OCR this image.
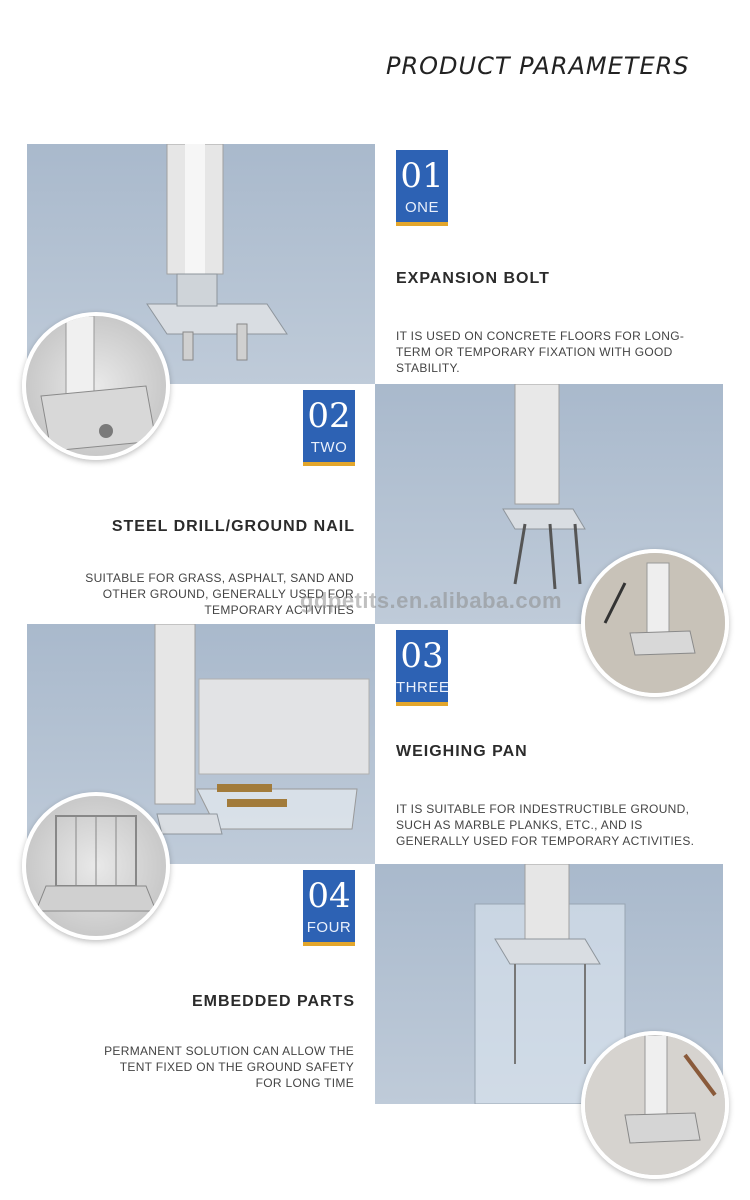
PRODUCT PARAMETERS
01
ONE
EXPANSION BOLT
IT IS USED ON CONCRETE FLOORS FOR LONG-TERM OR TEMPORARY FIXATION WITH GOOD STABILITY.
02
TWO
STEEL DRILL/GROUND NAIL
SUITABLE FOR GRASS, ASPHALT, SAND AND OTHER GROUND, GENERALLY USED FOR TEMPORARY ACTIVITIES
gdpetits.en.alibaba.com
03
THREE
WEIGHING PAN
IT IS SUITABLE FOR INDESTRUCTIBLE GROUND, SUCH AS MARBLE PLANKS, ETC., AND IS GENERALLY USED FOR TEMPORARY ACTIVITIES.
04
FOUR
EMBEDDED PARTS
PERMANENT SOLUTION CAN ALLOW THE TENT FIXED ON THE GROUND SAFETY FOR LONG TIME
